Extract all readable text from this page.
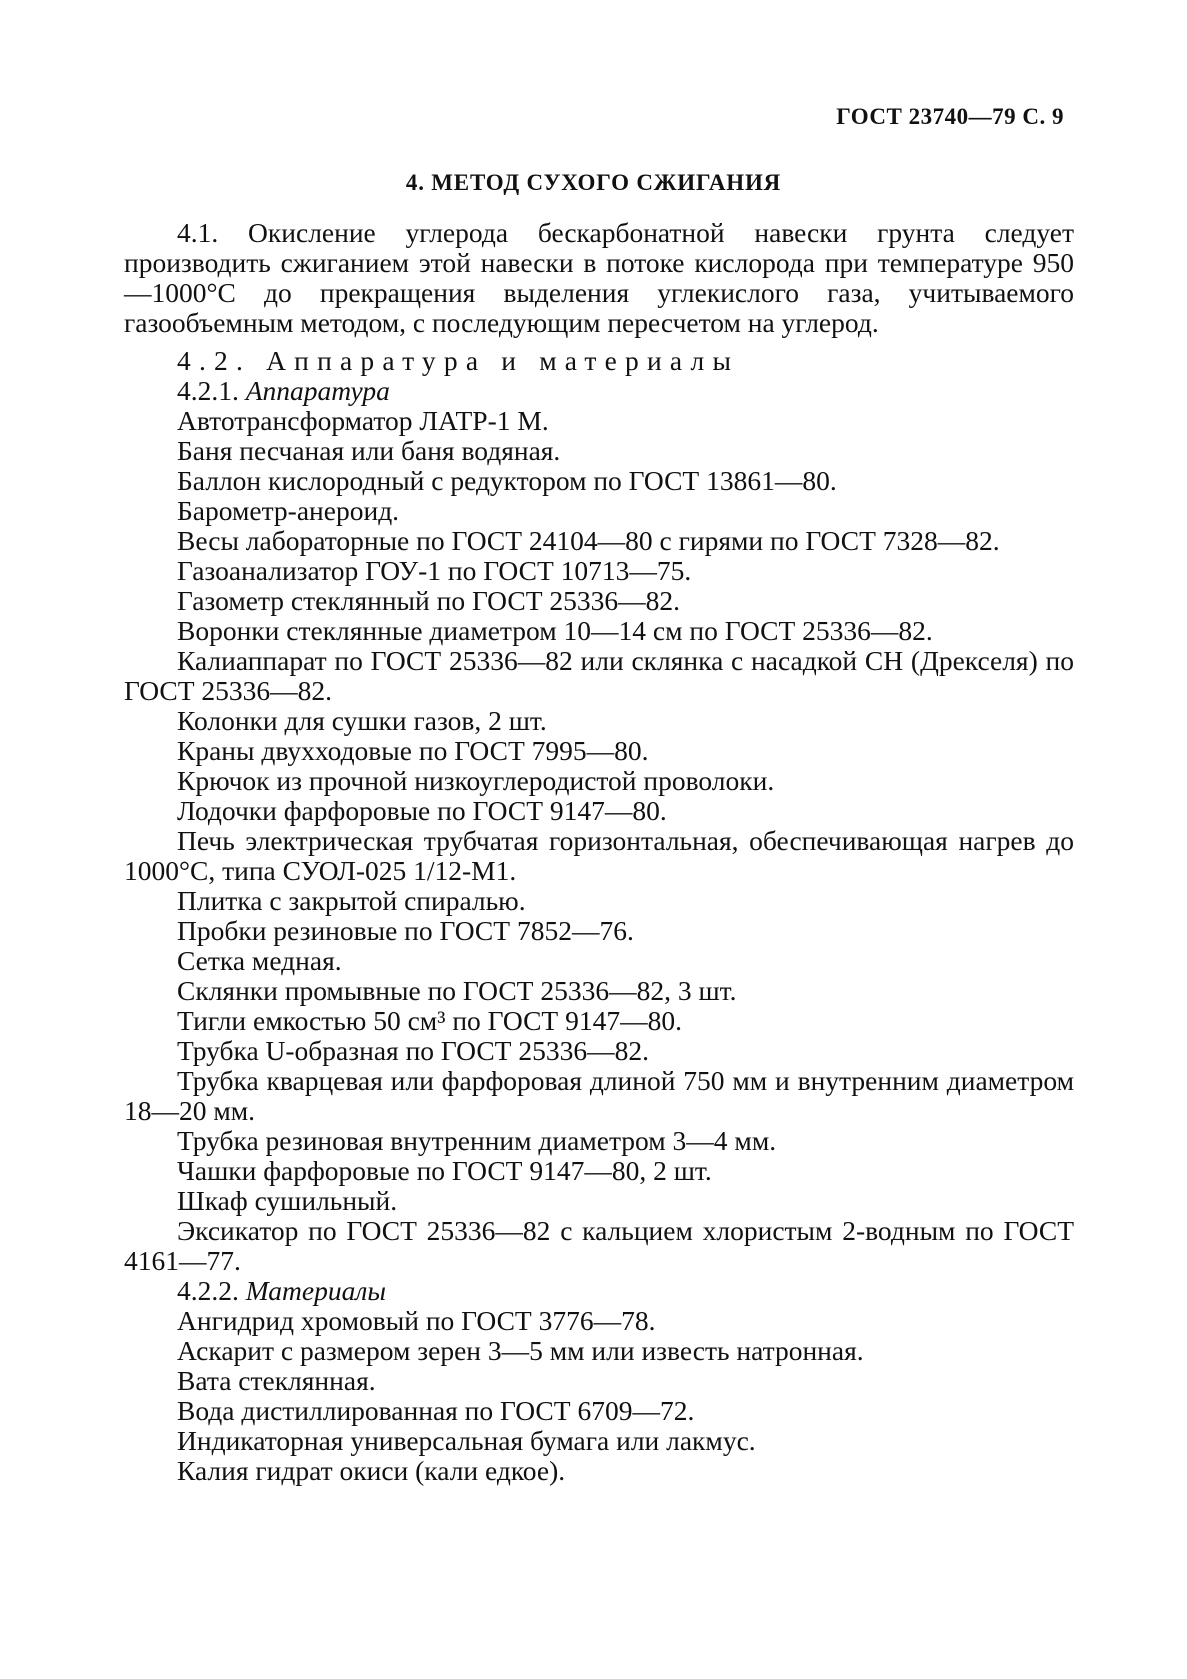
ГОСТ 23740—79 С. 9
4. МЕТОД СУХОГО СЖИГАНИЯ

4.1. Окисление углерода бескарбонатной навески грунта следует производить сжиганием этой навески в потоке кислорода при температуре 950—1000°С до прекращения выделения углекислого газа, учитываемого газообъемным методом, с последующим пересчетом на углерод.

4.2. Аппаратура и материалы

4.2.1. Аппаратура

Автотрансформатор ЛАТР-1 М.

Баня песчаная или баня водяная.

Баллон кислородный с редуктором по ГОСТ 13861—80.

Барометр-анероид.

Весы лабораторные по ГОСТ 24104—80 с гирями по ГОСТ 7328—82.

Газоанализатор ГОУ-1 по ГОСТ 10713—75.

Газометр стеклянный по ГОСТ 25336—82.

Воронки стеклянные диаметром 10—14 см по ГОСТ 25336—82.

Калиаппарат по ГОСТ 25336—82 или склянка с насадкой СН (Дрекселя) по ГОСТ 25336—82.

Колонки для сушки газов, 2 шт.

Краны двухходовые по ГОСТ 7995—80.

Крючок из прочной низкоуглеродистой проволоки.

Лодочки фарфоровые по ГОСТ 9147—80.

Печь электрическая трубчатая горизонтальная, обеспечивающая нагрев до 1000°С, типа СУОЛ-025 1/12-М1.

Плитка с закрытой спиралью.

Пробки резиновые по ГОСТ 7852—76.

Сетка медная.

Склянки промывные по ГОСТ 25336—82, 3 шт.

Тигли емкостью 50 см³ по ГОСТ 9147—80.

Трубка U-образная по ГОСТ 25336—82.

Трубка кварцевая или фарфоровая длиной 750 мм и внутренним диаметром 18—20 мм.

Трубка резиновая внутренним диаметром 3—4 мм.

Чашки фарфоровые по ГОСТ 9147—80, 2 шт.

Шкаф сушильный.

Эксикатор по ГОСТ 25336—82 с кальцием хлористым 2-водным по ГОСТ 4161—77.

4.2.2. Материалы

Ангидрид хромовый по ГОСТ 3776—78.

Аскарит с размером зерен 3—5 мм или известь натронная.

Вата стеклянная.

Вода дистиллированная по ГОСТ 6709—72.

Индикаторная универсальная бумага или лакмус.

Калия гидрат окиси (кали едкое).
